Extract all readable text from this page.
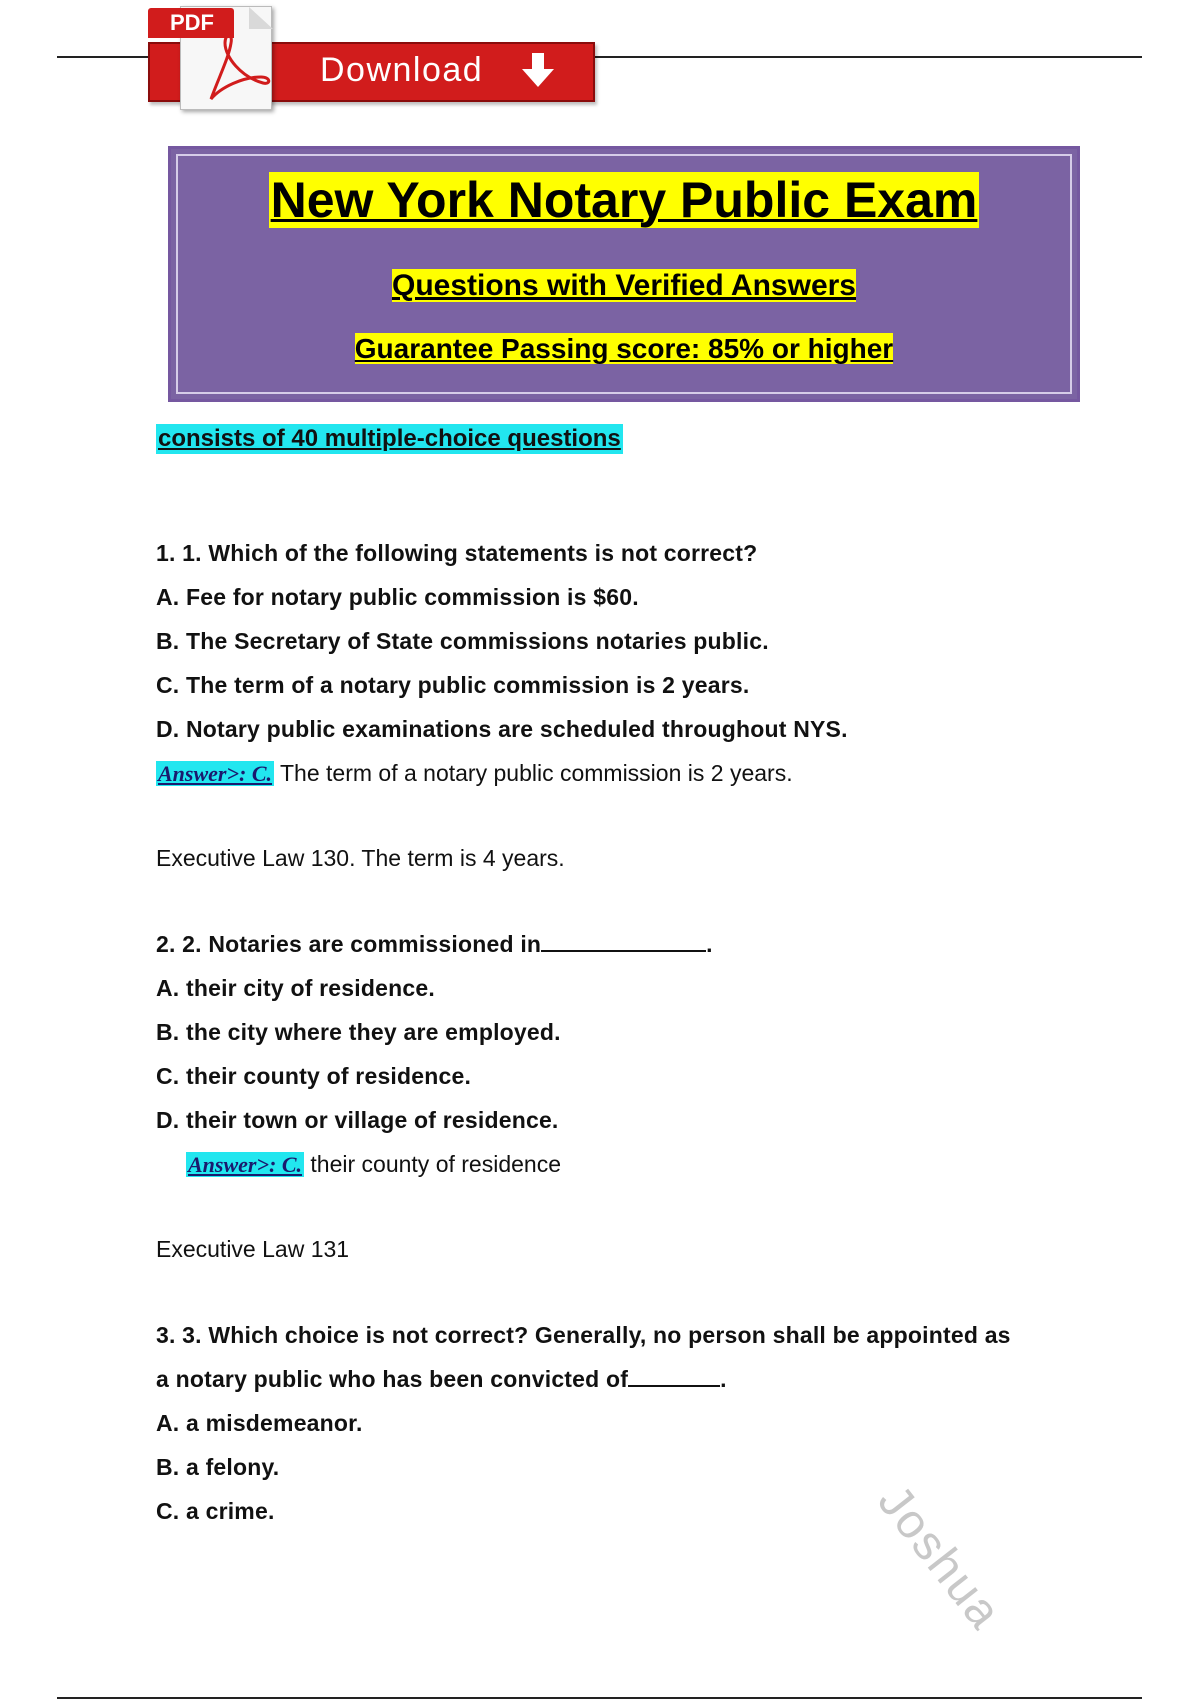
Download
PDF
New York Notary Public Exam
Questions with Verified Answers
Guarantee Passing score: 85% or higher
consists of 40 multiple-choice questions
1. 1. Which of the following statements is not correct?
A. Fee for notary public commission is $60.
B. The Secretary of State commissions notaries public.
C. The term of a notary public commission is 2 years.
D. Notary public examinations are scheduled throughout NYS.
Answer>: C. The term of a notary public commission is 2 years.
Executive Law 130. The term is 4 years.
2. 2. Notaries are commissioned in	.
A. their city of residence.
B. the city where they are employed.
C. their county of residence.
D. their town or village of residence.
Answer>: C. their county of residence
Executive Law 131
3. 3. Which choice is not correct? Generally, no person shall be appointed as
a notary public who has been convicted of	.
A. a misdemeanor.
B. a felony.
C. a crime.	Joshua
